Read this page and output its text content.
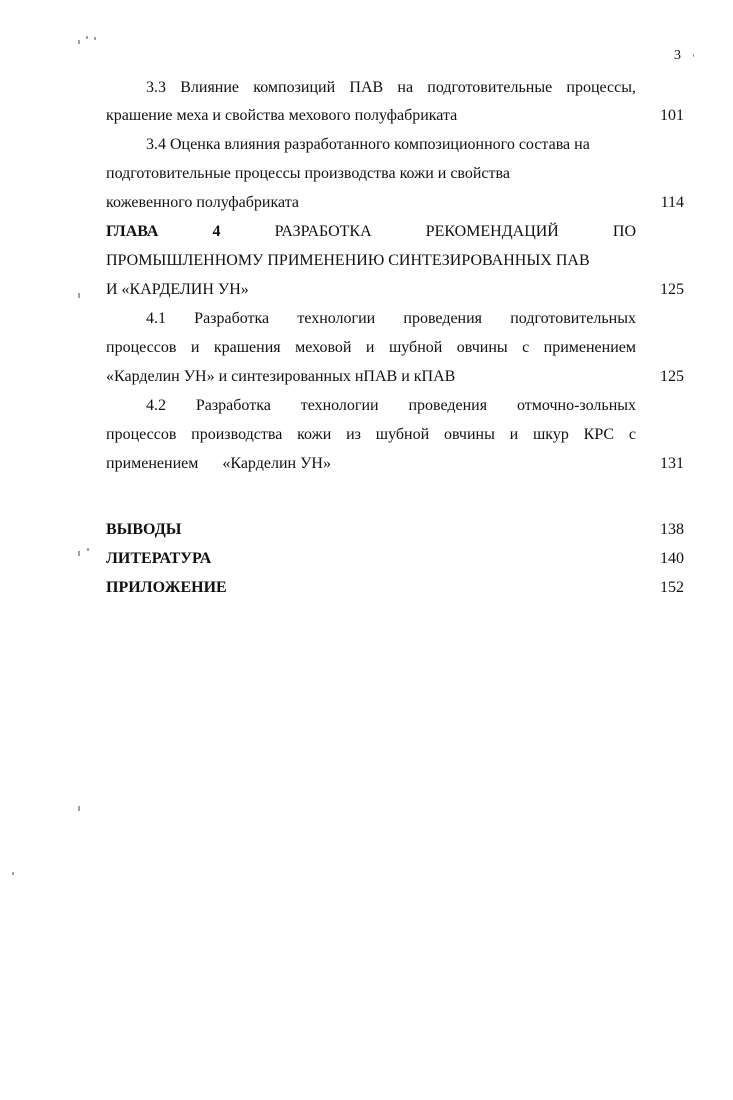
3
3.3 Влияние композиций ПАВ на подготовительные процессы,
крашение меха и свойства мехового полуфабриката	101
3.4 Оценка влияния разработанного композиционного состава на
подготовительные процессы производства кожи и свойства
кожевенного полуфабриката	114
ГЛАВА	4	РАЗРАБОТКА	РЕКОМЕНДАЦИЙ	ПО
ПРОМЫШЛЕННОМУ ПРИМЕНЕНИЮ СИНТЕЗИРОВАННЫХ ПАВ
И «КАРДЕЛИН УН»	125
4.1 Разработка технологии проведения подготовительных
процессов и крашения меховой и шубной овчины с применением
«Карделин УН» и синтезированных нПАВ и кПАВ	125
4.2 Разработка технологии проведения отмочно-зольных
процессов производства кожи из шубной овчины и шкур КРС с
применением      «Карделин УН»	131
ВЫВОДЫ	138
ЛИТЕРАТУРА	140
ПРИЛОЖЕНИЕ	152
